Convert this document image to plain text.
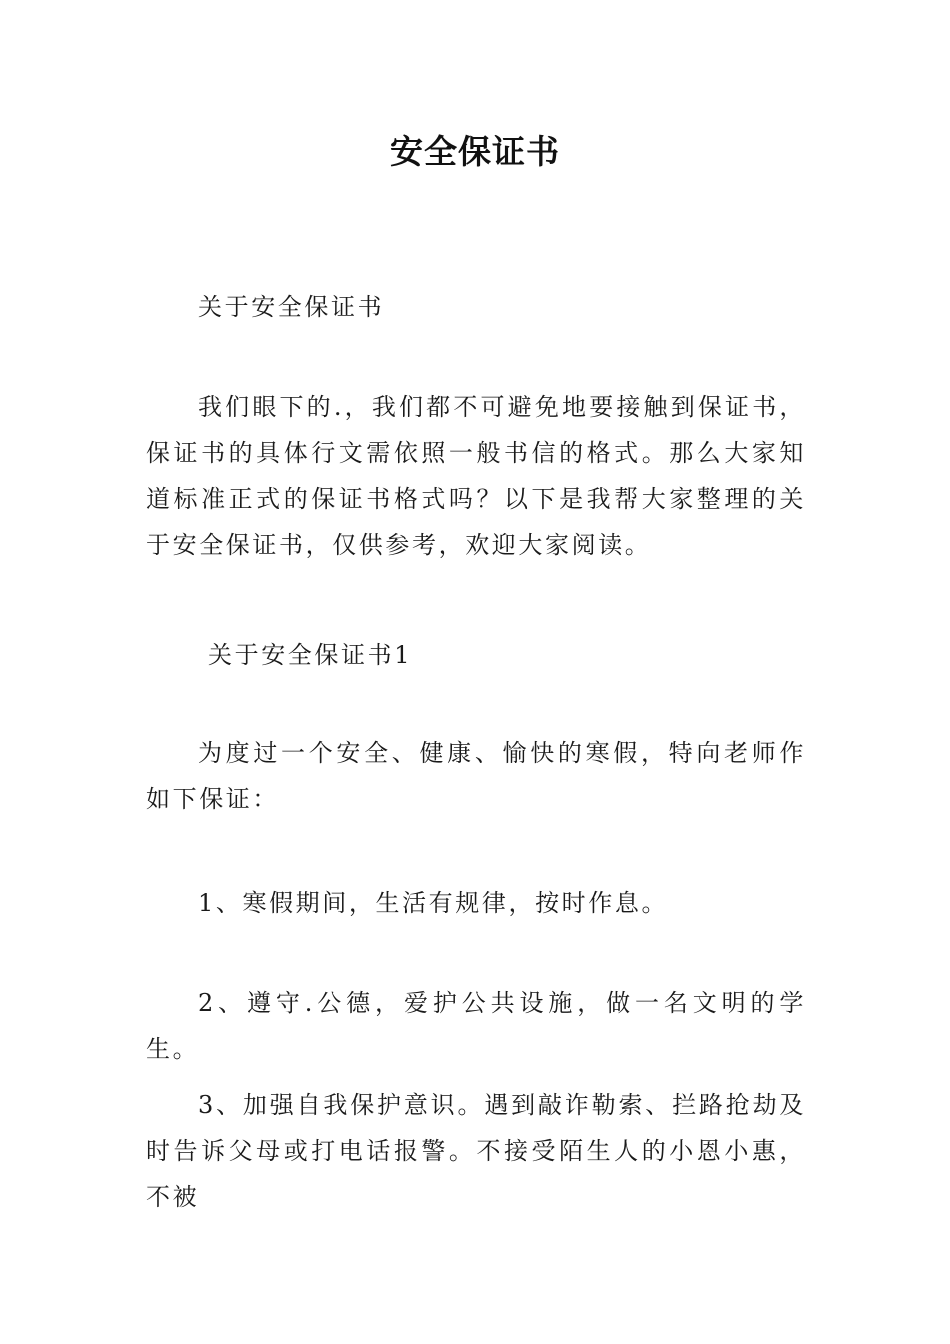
安全保证书

关于安全保证书

我们眼下的.，我们都不可避免地要接触到保证书，保证书的具体行文需依照一般书信的格式。那么大家知道标准正式的保证书格式吗？以下是我帮大家整理的关于安全保证书，仅供参考，欢迎大家阅读。

关于安全保证书1

为度过一个安全、健康、愉快的寒假，特向老师作如下保证：

1、寒假期间，生活有规律，按时作息。

2、遵守.公德，爱护公共设施，做一名文明的学生。

3、加强自我保护意识。遇到敲诈勒索、拦路抢劫及时告诉父母或打电话报警。不接受陌生人的小恩小惠，不被
